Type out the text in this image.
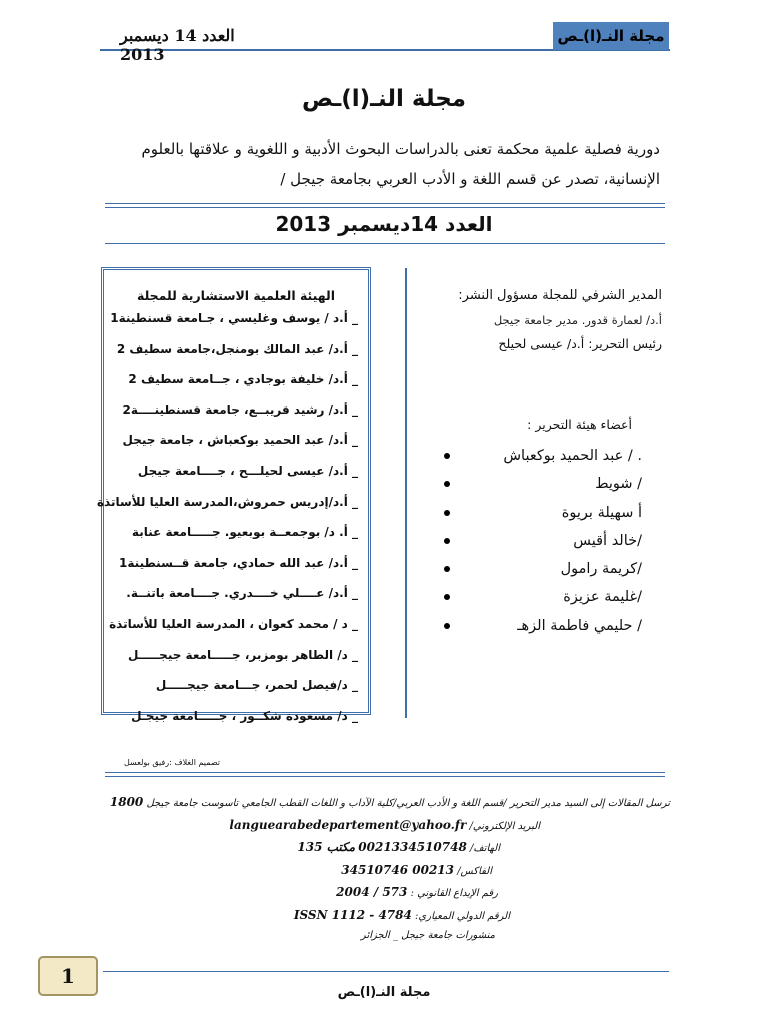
مجلة النـ(ا)ـص
العدد 14 ديسمبر 2013
مجلة النـ(ا)ـص
دورية فصلية علمية محكمة تعنى بالدراسات البحوث الأدبية و اللغوية و علاقتها بالعلوم الإنسانية، تصدر عن قسم اللغة و الأدب العربي بجامعة جيجل /
العدد 14ديسمبر 2013
الهيئة العلمية الاستشارية للمجلة
_ أ.د / يوسف وغليسي ، جـامعة قسنطينة1
_ أ.د/ عبد المالك بومنجل،جامعة سطيف 2
_ أ.د/ خليفة بوجادي ، جــامعة سطيف 2
_ أ.د/ رشيد قريبــع، جامعة قسنطينــــة2
_ أ.د/ عبد الحميد بوكعباش ، جامعة جيجل
_ أ.د/ عيسى لحيلـــح ، جــــامعة جيجل
_ أ.د/إدريس حمروش،المدرسة العليا للأساتذة
_ أ. د/ بوجمعــة بوبعيو. جـــــامعة عنابة
_ أ.د/ عبد الله حمادي، جامعة قــسنطينة1
_ أ.د/ عــــلي خــــدري. جــــامعة باتنــة.
_ د / محمد كعوان ، المدرسة العليا للأساتذة
_ د/ الطاهر بومزبر، جـــــامعة جيجـــــل
_ د/فيصل لحمر، جـــامعة جيجـــــل
_ د/ مسعودة شكــور ، جـــــامعة جيجـل
المدير الشرفي للمجلة مسؤول النشر:
أ.د/ لعمارة قدور. مدير جامعة جيجل
رئيس التحرير: أ.د/ عيسى لحيلح
أعضاء هيئة التحرير :
. / عبد الحميد بوكعباش
/ شويط
أ سهيلة بريوة
/خالد أقيس
/كريمة رامول
/غليمة عزيزة
/ حليمي فاطمة الزهـ
تصميم الغلاف :رفيق بولعسل
ترسل المقالات إلى السيد مدير التحرير /قسم اللغة و الأدب العربي/كلية الآداب و اللغات القطب الجامعي تاسوست جامعة جيجل 1800
البريد الإلكتروني/ languearabedepartement@yahoo.fr
الهاتف/ 0021334510748 مكتب 135
الفاكس/ 00213 34510746
رقم الإيداع القانوني : 573 / 2004
الرقم الدولي المعياري: ISSN 1112 - 4784
منشورات جامعة جيجل _ الجزائر
1
مجلة النـ(ا)ـص
